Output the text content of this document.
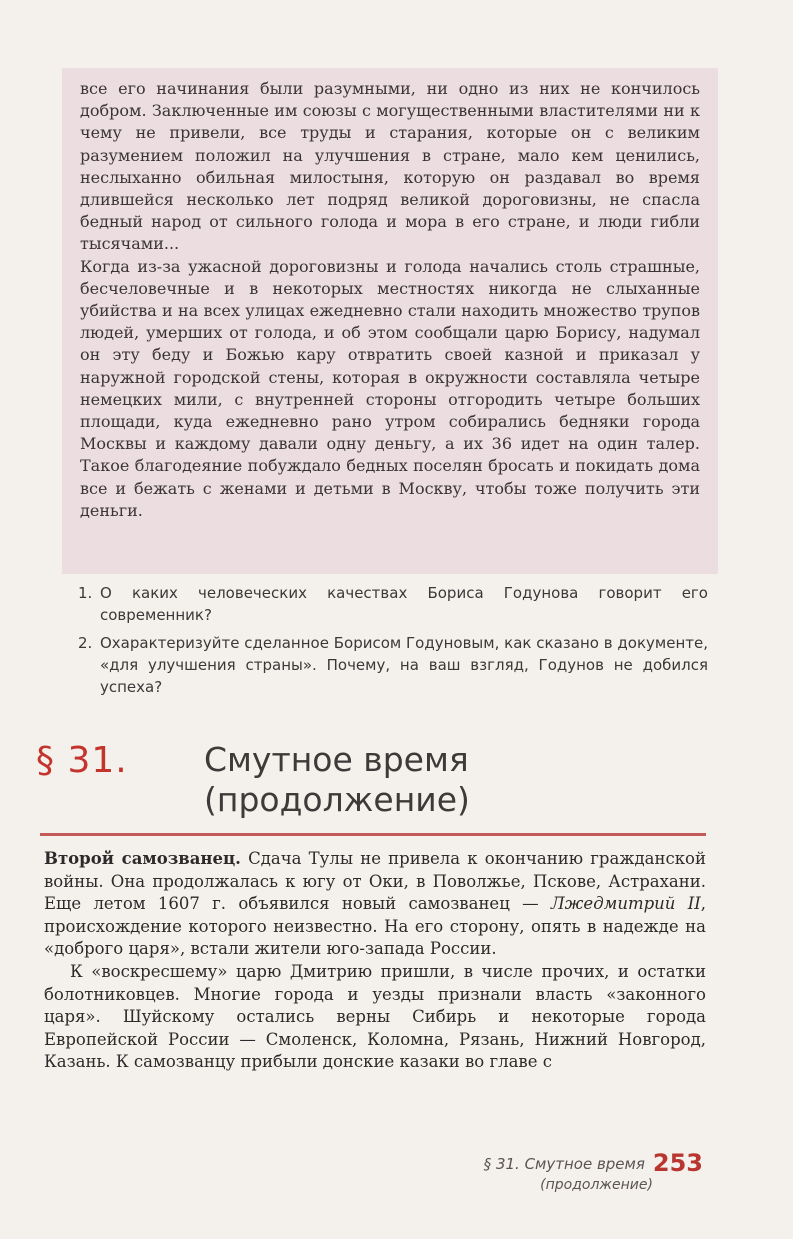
все его начинания были разумными, ни одно из них не кончилось добром. Заключенные им союзы с могущественными властителями ни к чему не привели, все труды и старания, которые он с великим разумением положил на улучшения в стране, мало кем ценились, неслыханно обильная милостыня, которую он раздавал во время длившейся несколько лет подряд великой дороговизны, не спасла бедный народ от сильного голода и мора в его стране, и люди гибли тысячами...

Когда из-за ужасной дороговизны и голода начались столь страшные, бесчеловечные и в некоторых местностях никогда не слыханные убийства и на всех улицах ежедневно стали находить множество трупов людей, умерших от голода, и об этом сообщали царю Борису, надумал он эту беду и Божью кару отвратить своей казной и приказал у наружной городской стены, которая в окружности составляла четыре немецких мили, с внутренней стороны отгородить четыре больших площади, куда ежедневно рано утром собирались бедняки города Москвы и каждому давали одну деньгу, а их 36 идет на один талер. Такое благодеяние побуждало бедных поселян бросать и покидать дома все и бежать с женами и детьми в Москву, чтобы тоже получить эти деньги.

1. О каких человеческих качествах Бориса Годунова говорит его современник?
2. Охарактеризуйте сделанное Борисом Годуновым, как сказано в документе, «для улучшения страны». Почему, на ваш взгляд, Годунов не добился успеха?
§ 31. Смутное время
(продолжение)

Второй самозванец. Сдача Тулы не привела к окончанию гражданской войны. Она продолжалась к югу от Оки, в Поволжье, Пскове, Астрахани. Еще летом 1607 г. объявился новый самозванец — Лжедмитрий II, происхождение которого неизвестно. На его сторону, опять в надежде на «доброго царя», встали жители юго-запада России.

К «воскресшему» царю Дмитрию пришли, в числе прочих, и остатки болотниковцев. Многие города и уезды признали власть «законного царя». Шуйскому остались верны Сибирь и некоторые города Европейской России — Смоленск, Коломна, Рязань, Нижний Новгород, Казань. К самозванцу прибыли донские казаки во главе с

§ 31. Смутное время 253
(продолжение)
